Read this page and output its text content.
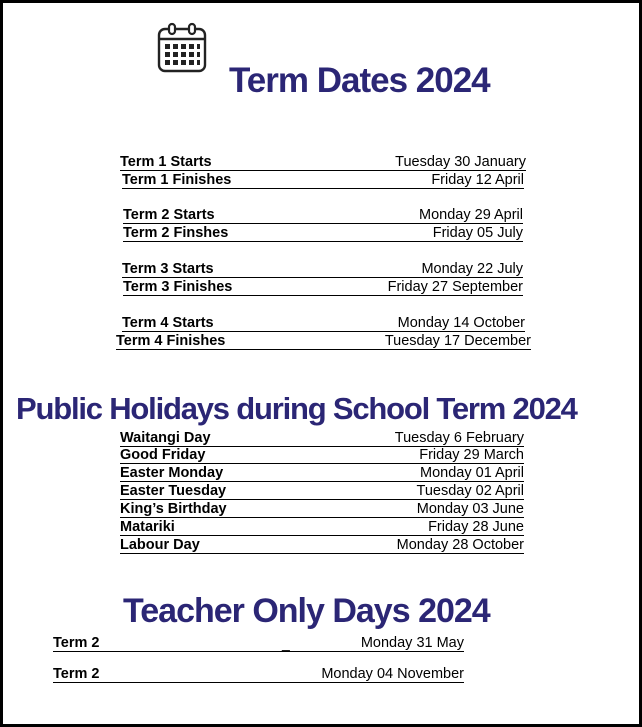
Term Dates 2024
Term 1 Starts	Tuesday 30 January
Term 1 Finishes	Friday 12 April
Term 2 Starts	Monday 29 April
Term 2 Finshes	Friday 05 July
Term 3 Starts	Monday 22 July
Term 3 Finishes	Friday 27 September
Term 4 Starts	Monday 14 October
Term 4 Finishes	Tuesday 17 December
Public Holidays during School Term 2024
Waitangi Day	Tuesday 6 February
Good Friday	Friday 29 March
Easter Monday	Monday 01 April
Easter Tuesday	Tuesday 02 April
King’s Birthday	Monday 03 June
Matariki	Friday 28 June
Labour Day	Monday 28 October
Teacher Only Days 2024
Term 2	_	Monday 31 May
Term 2	Monday 04 November
